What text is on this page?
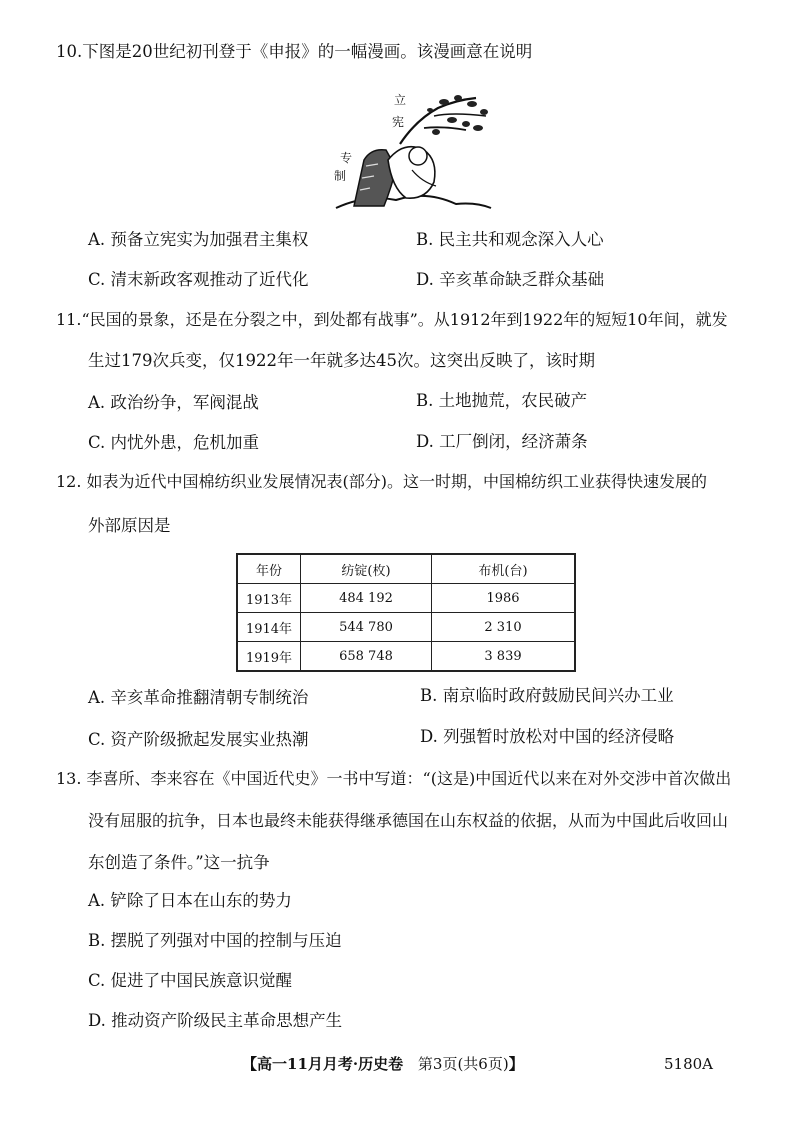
10.下图是20世纪初刊登于《申报》的一幅漫画。该漫画意在说明
立
宪
专
制
A. 预备立宪实为加强君主集权	B. 民主共和观念深入人心
C. 清末新政客观推动了近代化	D. 辛亥革命缺乏群众基础
11.“民国的景象，还是在分裂之中，到处都有战事”。从1912年到1922年的短短10年间，就发
生过179次兵变，仅1922年一年就多达45次。这突出反映了，该时期
A. 政治纷争，军阀混战	B. 土地抛荒，农民破产
C. 内忧外患，危机加重	D. 工厂倒闭，经济萧条
12. 如表为近代中国棉纺织业发展情况表(部分)。这一时期，中国棉纺织工业获得快速发展的
外部原因是
年份	纺锭(枚)	布机(台)
1913年	484 192	1986
1914年	544 780	2 310
1919年	658 748	3 839
A. 辛亥革命推翻清朝专制统治	B. 南京临时政府鼓励民间兴办工业
C. 资产阶级掀起发展实业热潮	D. 列强暂时放松对中国的经济侵略
13. 李喜所、李来容在《中国近代史》一书中写道：“(这是)中国近代以来在对外交涉中首次做出
没有屈服的抗争，日本也最终未能获得继承德国在山东权益的依据，从而为中国此后收回山
东创造了条件。”这一抗争
A. 铲除了日本在山东的势力
B. 摆脱了列强对中国的控制与压迫
C. 促进了中国民族意识觉醒
D. 推动资产阶级民主革命思想产生
【高一11月月考·历史卷 第3页(共6页)】	5180A
